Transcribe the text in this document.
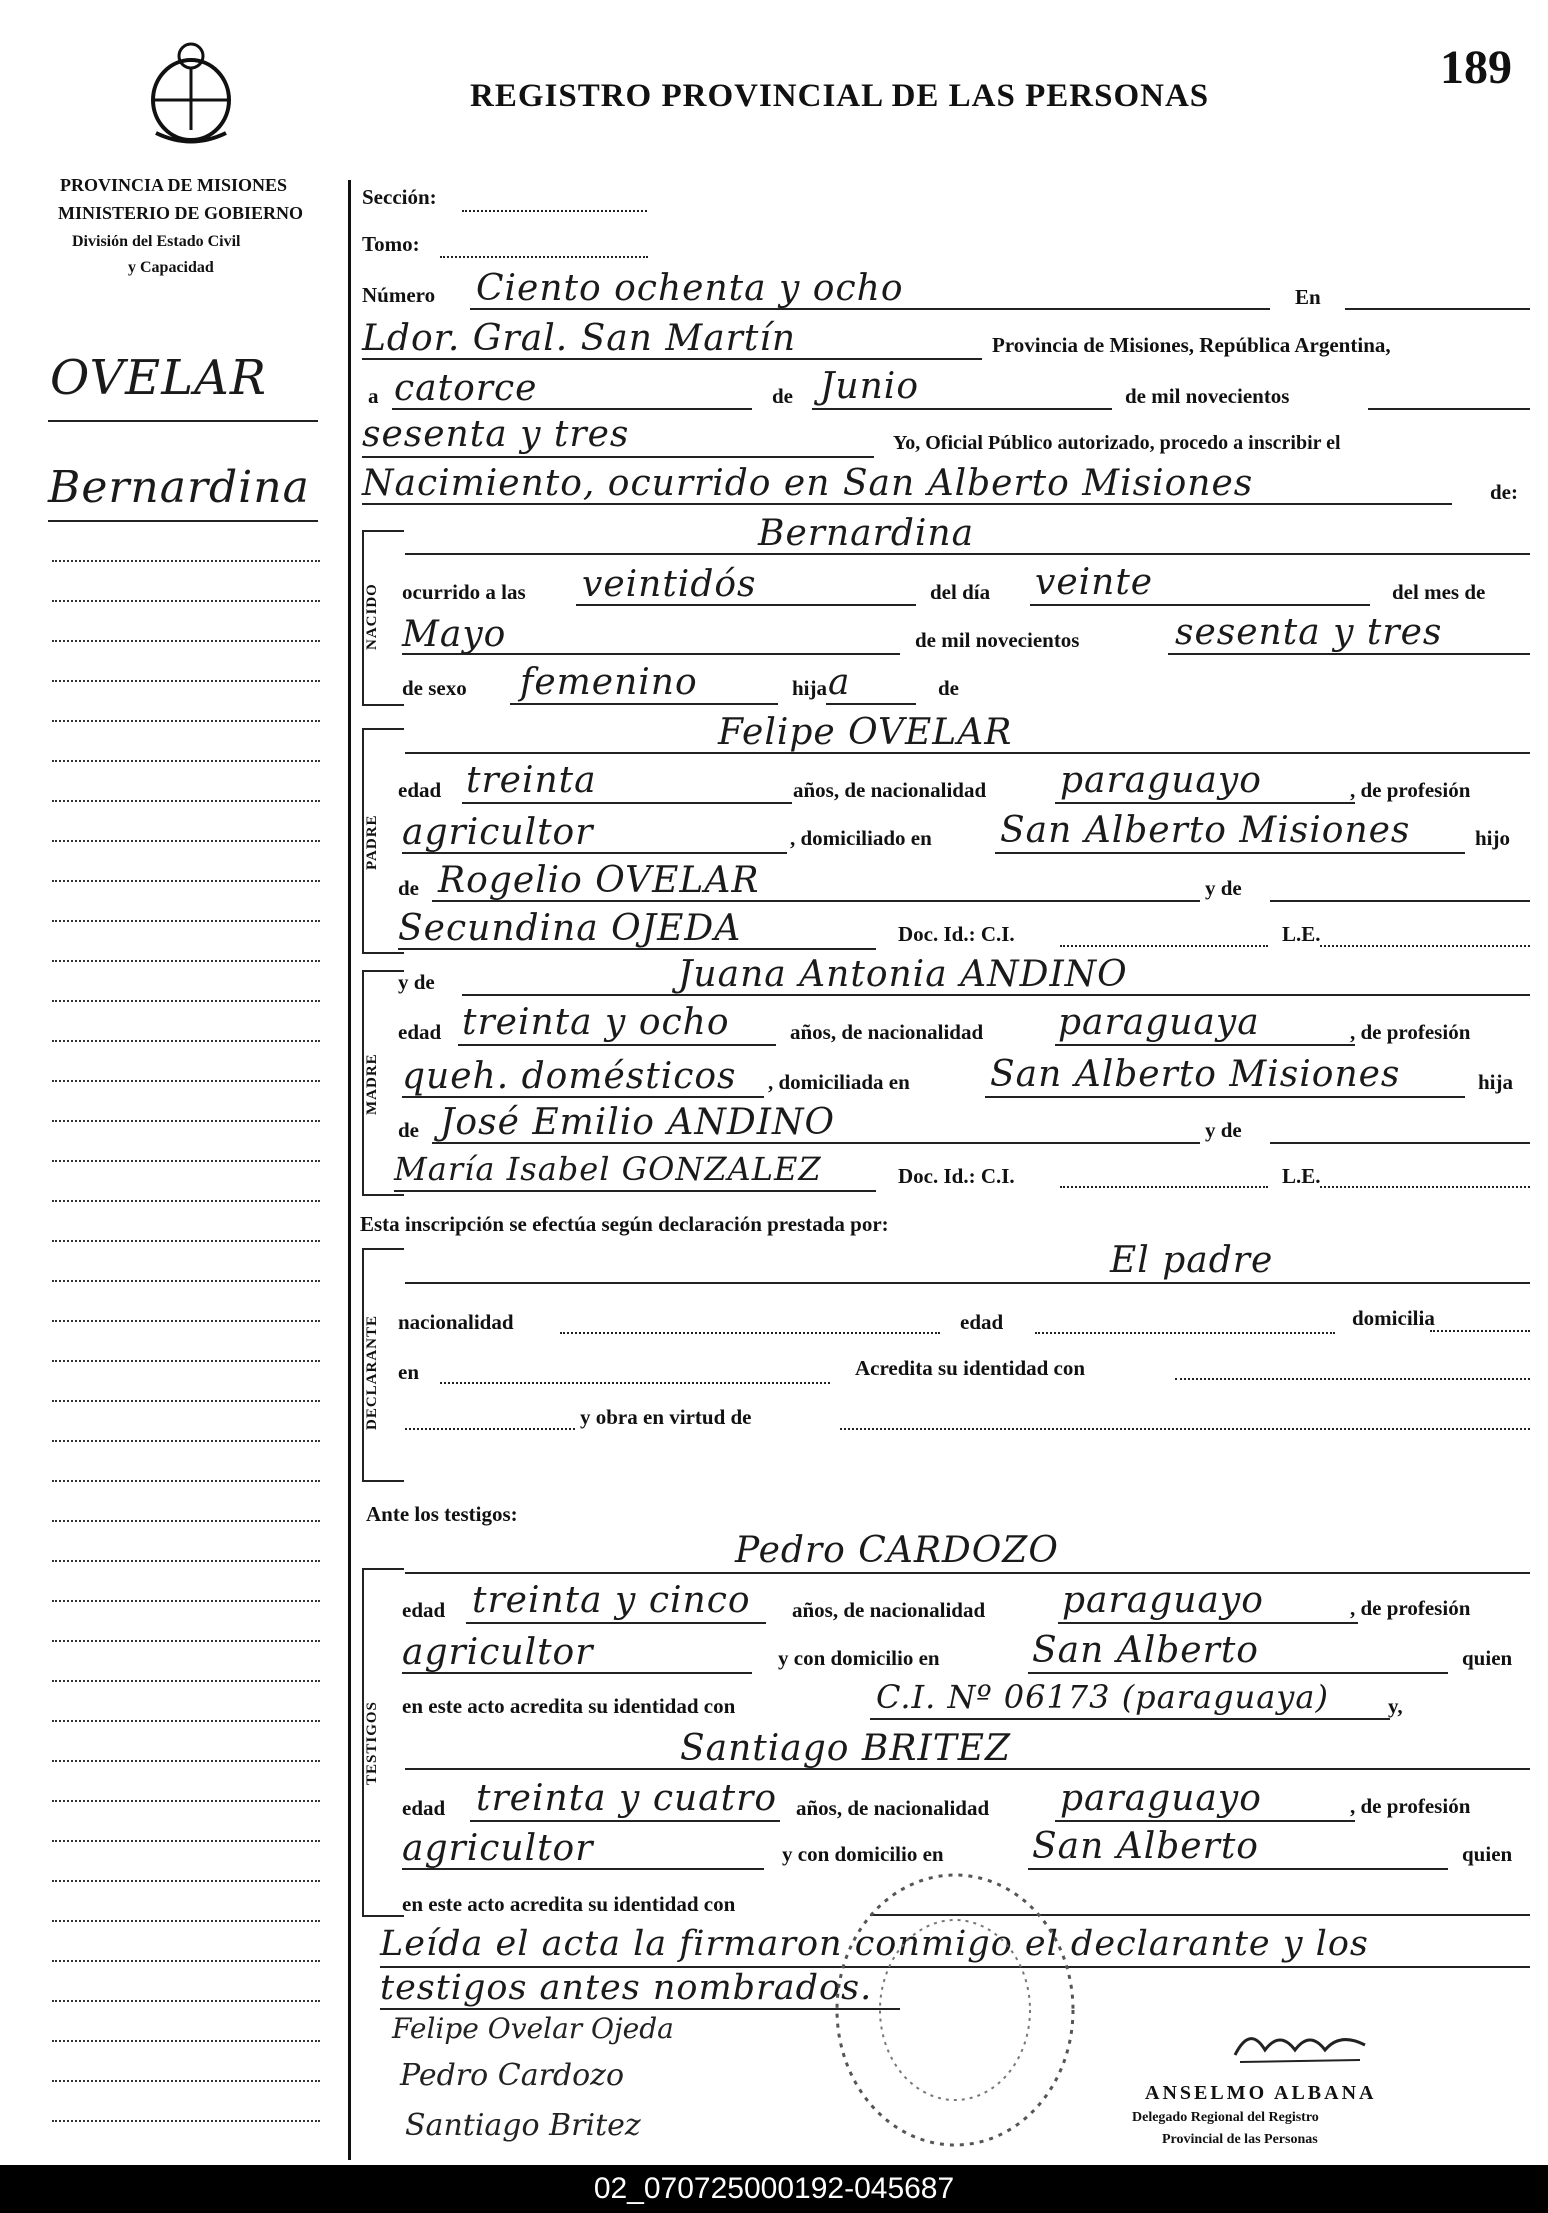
REGISTRO PROVINCIAL DE LAS PERSONAS
189
PROVINCIA DE MISIONES
MINISTERIO DE GOBIERNO
División del Estado Civil
y Capacidad
OVELAR
Bernardina
Sección:
Tomo:
Número Ciento ochenta y ocho	En
Ldor. Gral. San Martín	Provincia de Misiones, República Argentina,
a catorce	de Junio	de mil novecientos
sesenta y tres	Yo, Oficial Público autorizado, procedo a inscribir el
Nacimiento, ocurrido en San Alberto Misiones	de:
NACIDO
Bernardina
ocurrido a las veintidós	del día veinte	del mes de
Mayo	de mil novecientos	sesenta y tres
de sexo femenino	hija a	de
PADRE
Felipe OVELAR
edad treinta	años, de nacionalidad paraguayo	, de profesión
agricultor	, domiciliado en San Alberto Misiones	hijo
de Rogelio OVELAR	y de
Secundina OJEDA	Doc. Id.: C.I.	L.E.
MADRE
y de	Juana Antonia ANDINO
edad treinta y ocho	años, de nacionalidad paraguaya	, de profesión
queh. domésticos , domiciliada en San Alberto Misiones	hija
de José Emilio ANDINO	y de
María Isabel GONZALEZ	Doc. Id.: C.I.	L.E.
Esta inscripción se efectúa según declaración prestada por:
DECLARANTE
El padre
nacionalidad	edad	domicilia
en	Acredita su identidad con
y obra en virtud de
Ante los testigos:
TESTIGOS
Pedro CARDOZO
edad treinta y cinco años, de nacionalidad paraguayo	, de profesión
agricultor	y con domicilio en	San Alberto	quien
en este acto acredita su identidad con	C.I. Nº 06173 (paraguaya)	y,
Santiago BRITEZ
edad treinta y cuatro años, de nacionalidad paraguayo	, de profesión
agricultor	y con domicilio en San Alberto	quien
en este acto acredita su identidad con
Leída el acta la firmaron conmigo el declarante y los
testigos antes nombrados.
Felipe Ovelar Ojeda
Pedro Cardozo
Santiago Britez
ANSELMO ALBANA
Delegado Regional del Registro
Provincial de las Personas
02_070725000192-045687
